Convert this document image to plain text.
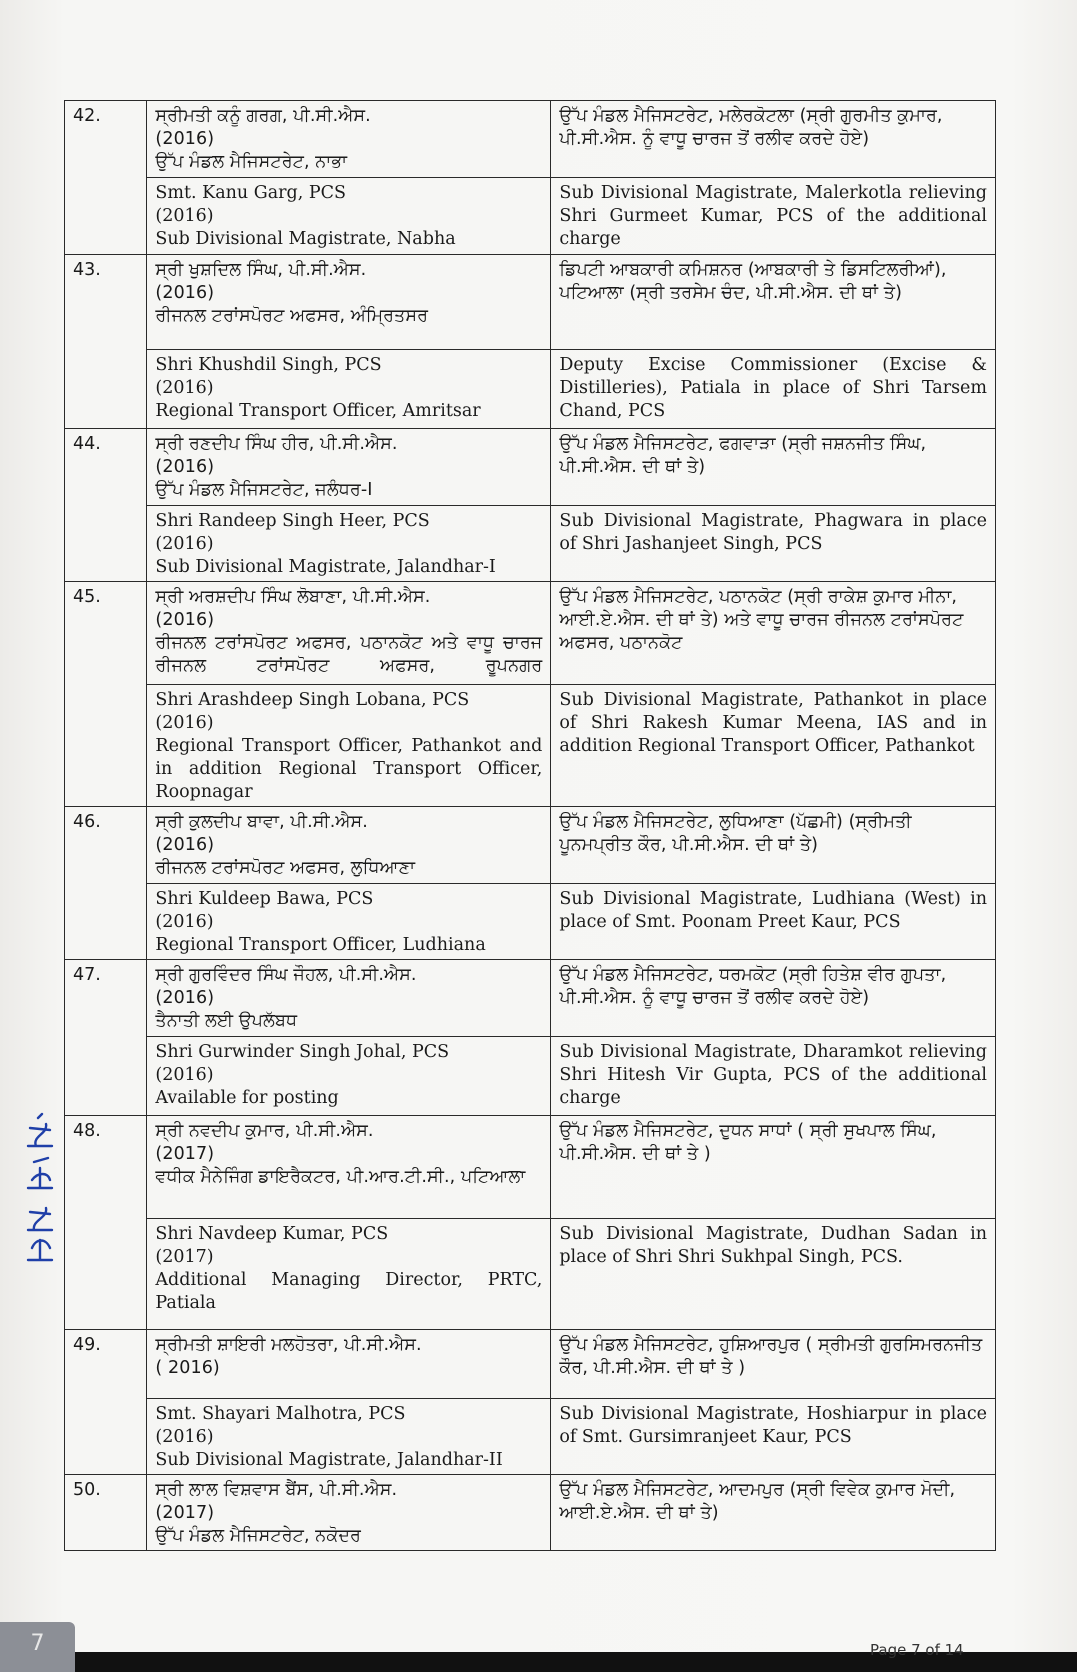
42.	ਸ੍ਰੀਮਤੀ ਕਨੂੰ ਗਰਗ, ਪੀ.ਸੀ.ਐਸ.
(2016)
ਉੱਪ ਮੰਡਲ ਮੈਜਿਸਟਰੇਟ, ਨਾਭਾ	ਉੱਪ ਮੰਡਲ ਮੈਜਿਸਟਰੇਟ, ਮਲੇਰਕੋਟਲਾ (ਸ੍ਰੀ ਗੁਰਮੀਤ ਕੁਮਾਰ, ਪੀ.ਸੀ.ਐਸ. ਨੂੰ ਵਾਧੂ ਚਾਰਜ ਤੋਂ ਰਲੀਵ ਕਰਦੇ ਹੋਏ)

	Smt. Kanu Garg, PCS
(2016)
Sub Divisional Magistrate, Nabha	Sub Divisional Magistrate, Malerkotla relieving Shri Gurmeet Kumar, PCS of the additional charge
43.	ਸ੍ਰੀ ਖੁਸ਼ਦਿਲ ਸਿੰਘ, ਪੀ.ਸੀ.ਐਸ.
(2016)
ਰੀਜਨਲ ਟਰਾਂਸਪੋਰਟ ਅਫਸਰ, ਅੰਮ੍ਰਿਤਸਰ	ਡਿਪਟੀ ਆਬਕਾਰੀ ਕਮਿਸ਼ਨਰ (ਆਬਕਾਰੀ ਤੇ ਡਿਸਟਿਲਰੀਆਂ), ਪਟਿਆਲਾ (ਸ੍ਰੀ ਤਰਸੇਮ ਚੰਦ, ਪੀ.ਸੀ.ਐਸ. ਦੀ ਥਾਂ ਤੇ)

	Shri Khushdil Singh, PCS
(2016)
Regional Transport Officer, Amritsar	Deputy Excise Commissioner (Excise & Distilleries), Patiala in place of Shri Tarsem Chand, PCS
44.	ਸ੍ਰੀ ਰਣਦੀਪ ਸਿੰਘ ਹੀਰ, ਪੀ.ਸੀ.ਐਸ.
(2016)
ਉੱਪ ਮੰਡਲ ਮੈਜਿਸਟਰੇਟ, ਜਲੰਧਰ-I	ਉੱਪ ਮੰਡਲ ਮੈਜਿਸਟਰੇਟ, ਫਗਵਾੜਾ (ਸ੍ਰੀ ਜਸ਼ਨਜੀਤ ਸਿੰਘ, ਪੀ.ਸੀ.ਐਸ. ਦੀ ਥਾਂ ਤੇ)

	Shri Randeep Singh Heer, PCS
(2016)
Sub Divisional Magistrate, Jalandhar-I	Sub Divisional Magistrate, Phagwara in place of Shri Jashanjeet Singh, PCS
45.	ਸ੍ਰੀ ਅਰਸ਼ਦੀਪ ਸਿੰਘ ਲੋਬਾਣਾ, ਪੀ.ਸੀ.ਐਸ.
(2016)
ਰੀਜਨਲ ਟਰਾਂਸਪੋਰਟ ਅਫਸਰ, ਪਠਾਨਕੋਟ ਅਤੇ ਵਾਧੂ ਚਾਰਜ ਰੀਜਨਲ ਟਰਾਂਸਪੋਰਟ ਅਫਸਰ, ਰੂਪਨਗਰ	ਉੱਪ ਮੰਡਲ ਮੈਜਿਸਟਰੇਟ, ਪਠਾਨਕੋਟ (ਸ੍ਰੀ ਰਾਕੇਸ਼ ਕੁਮਾਰ ਮੀਨਾ, ਆਈ.ਏ.ਐਸ. ਦੀ ਥਾਂ ਤੇ) ਅਤੇ ਵਾਧੂ ਚਾਰਜ ਰੀਜਨਲ ਟਰਾਂਸਪੋਰਟ ਅਫਸਰ, ਪਠਾਨਕੋਟ

	Shri Arashdeep Singh Lobana, PCS
(2016)
Regional Transport Officer, Pathankot and in addition Regional Transport Officer, Roopnagar	Sub Divisional Magistrate, Pathankot in place of Shri Rakesh Kumar Meena, IAS and in addition Regional Transport Officer, Pathankot
46.	ਸ੍ਰੀ ਕੁਲਦੀਪ ਬਾਵਾ, ਪੀ.ਸੀ.ਐਸ.
(2016)
ਰੀਜਨਲ ਟਰਾਂਸਪੋਰਟ ਅਫਸਰ, ਲੁਧਿਆਣਾ	ਉੱਪ ਮੰਡਲ ਮੈਜਿਸਟਰੇਟ, ਲੁਧਿਆਣਾ (ਪੱਛਮੀ) (ਸ੍ਰੀਮਤੀ ਪੂਨਮਪ੍ਰੀਤ ਕੌਰ, ਪੀ.ਸੀ.ਐਸ. ਦੀ ਥਾਂ ਤੇ)

	Shri Kuldeep Bawa, PCS
(2016)
Regional Transport Officer, Ludhiana	Sub Divisional Magistrate, Ludhiana (West) in place of Smt. Poonam Preet Kaur, PCS
47.	ਸ੍ਰੀ ਗੁਰਵਿੰਦਰ ਸਿੰਘ ਜੌਹਲ, ਪੀ.ਸੀ.ਐਸ.
(2016)
ਤੈਨਾਤੀ ਲਈ ਉਪਲੱਬਧ	ਉੱਪ ਮੰਡਲ ਮੈਜਿਸਟਰੇਟ, ਧਰਮਕੋਟ (ਸ੍ਰੀ ਹਿਤੇਸ਼ ਵੀਰ ਗੁਪਤਾ, ਪੀ.ਸੀ.ਐਸ. ਨੂੰ ਵਾਧੂ ਚਾਰਜ ਤੋਂ ਰਲੀਵ ਕਰਦੇ ਹੋਏ)

	Shri Gurwinder Singh Johal, PCS
(2016)
Available for posting	Sub Divisional Magistrate, Dharamkot relieving Shri Hitesh Vir Gupta, PCS of the additional charge
48.	ਸ੍ਰੀ ਨਵਦੀਪ ਕੁਮਾਰ, ਪੀ.ਸੀ.ਐਸ.
(2017)
ਵਧੀਕ ਮੈਨੇਜਿੰਗ ਡਾਇਰੈਕਟਰ, ਪੀ.ਆਰ.ਟੀ.ਸੀ., ਪਟਿਆਲਾ	ਉੱਪ ਮੰਡਲ ਮੈਜਿਸਟਰੇਟ, ਦੁਧਨ ਸਾਧਾਂ ( ਸ੍ਰੀ ਸੁਖਪਾਲ ਸਿੰਘ, ਪੀ.ਸੀ.ਐਸ. ਦੀ ਥਾਂ ਤੇ )

	Shri Navdeep Kumar, PCS
(2017)
Additional Managing Director, PRTC, Patiala	Sub Divisional Magistrate, Dudhan Sadan in place of Shri Shri Sukhpal Singh, PCS.
49.	ਸ੍ਰੀਮਤੀ ਸ਼ਾਇਰੀ ਮਲਹੋਤਰਾ, ਪੀ.ਸੀ.ਐਸ.
( 2016)	ਉੱਪ ਮੰਡਲ ਮੈਜਿਸਟਰੇਟ, ਹੁਸ਼ਿਆਰਪੁਰ ( ਸ੍ਰੀਮਤੀ ਗੁਰਸਿਮਰਨਜੀਤ ਕੌਰ, ਪੀ.ਸੀ.ਐਸ. ਦੀ ਥਾਂ ਤੇ )

	Smt. Shayari Malhotra, PCS
(2016)
Sub Divisional Magistrate, Jalandhar-II	Sub Divisional Magistrate, Hoshiarpur in place of Smt. Gursimranjeet Kaur, PCS
50.	ਸ੍ਰੀ ਲਾਲ ਵਿਸ਼ਵਾਸ ਬੈਂਸ, ਪੀ.ਸੀ.ਐਸ.
(2017)
ਉੱਪ ਮੰਡਲ ਮੈਜਿਸਟਰੇਟ, ਨਕੋਦਰ	ਉੱਪ ਮੰਡਲ ਮੈਜਿਸਟਰੇਟ, ਆਦਮਪੁਰ (ਸ੍ਰੀ ਵਿਵੇਕ ਕੁਮਾਰ ਮੋਦੀ, ਆਈ.ਏ.ਐਸ. ਦੀ ਥਾਂ ਤੇ)
7	Page 7 of 14
